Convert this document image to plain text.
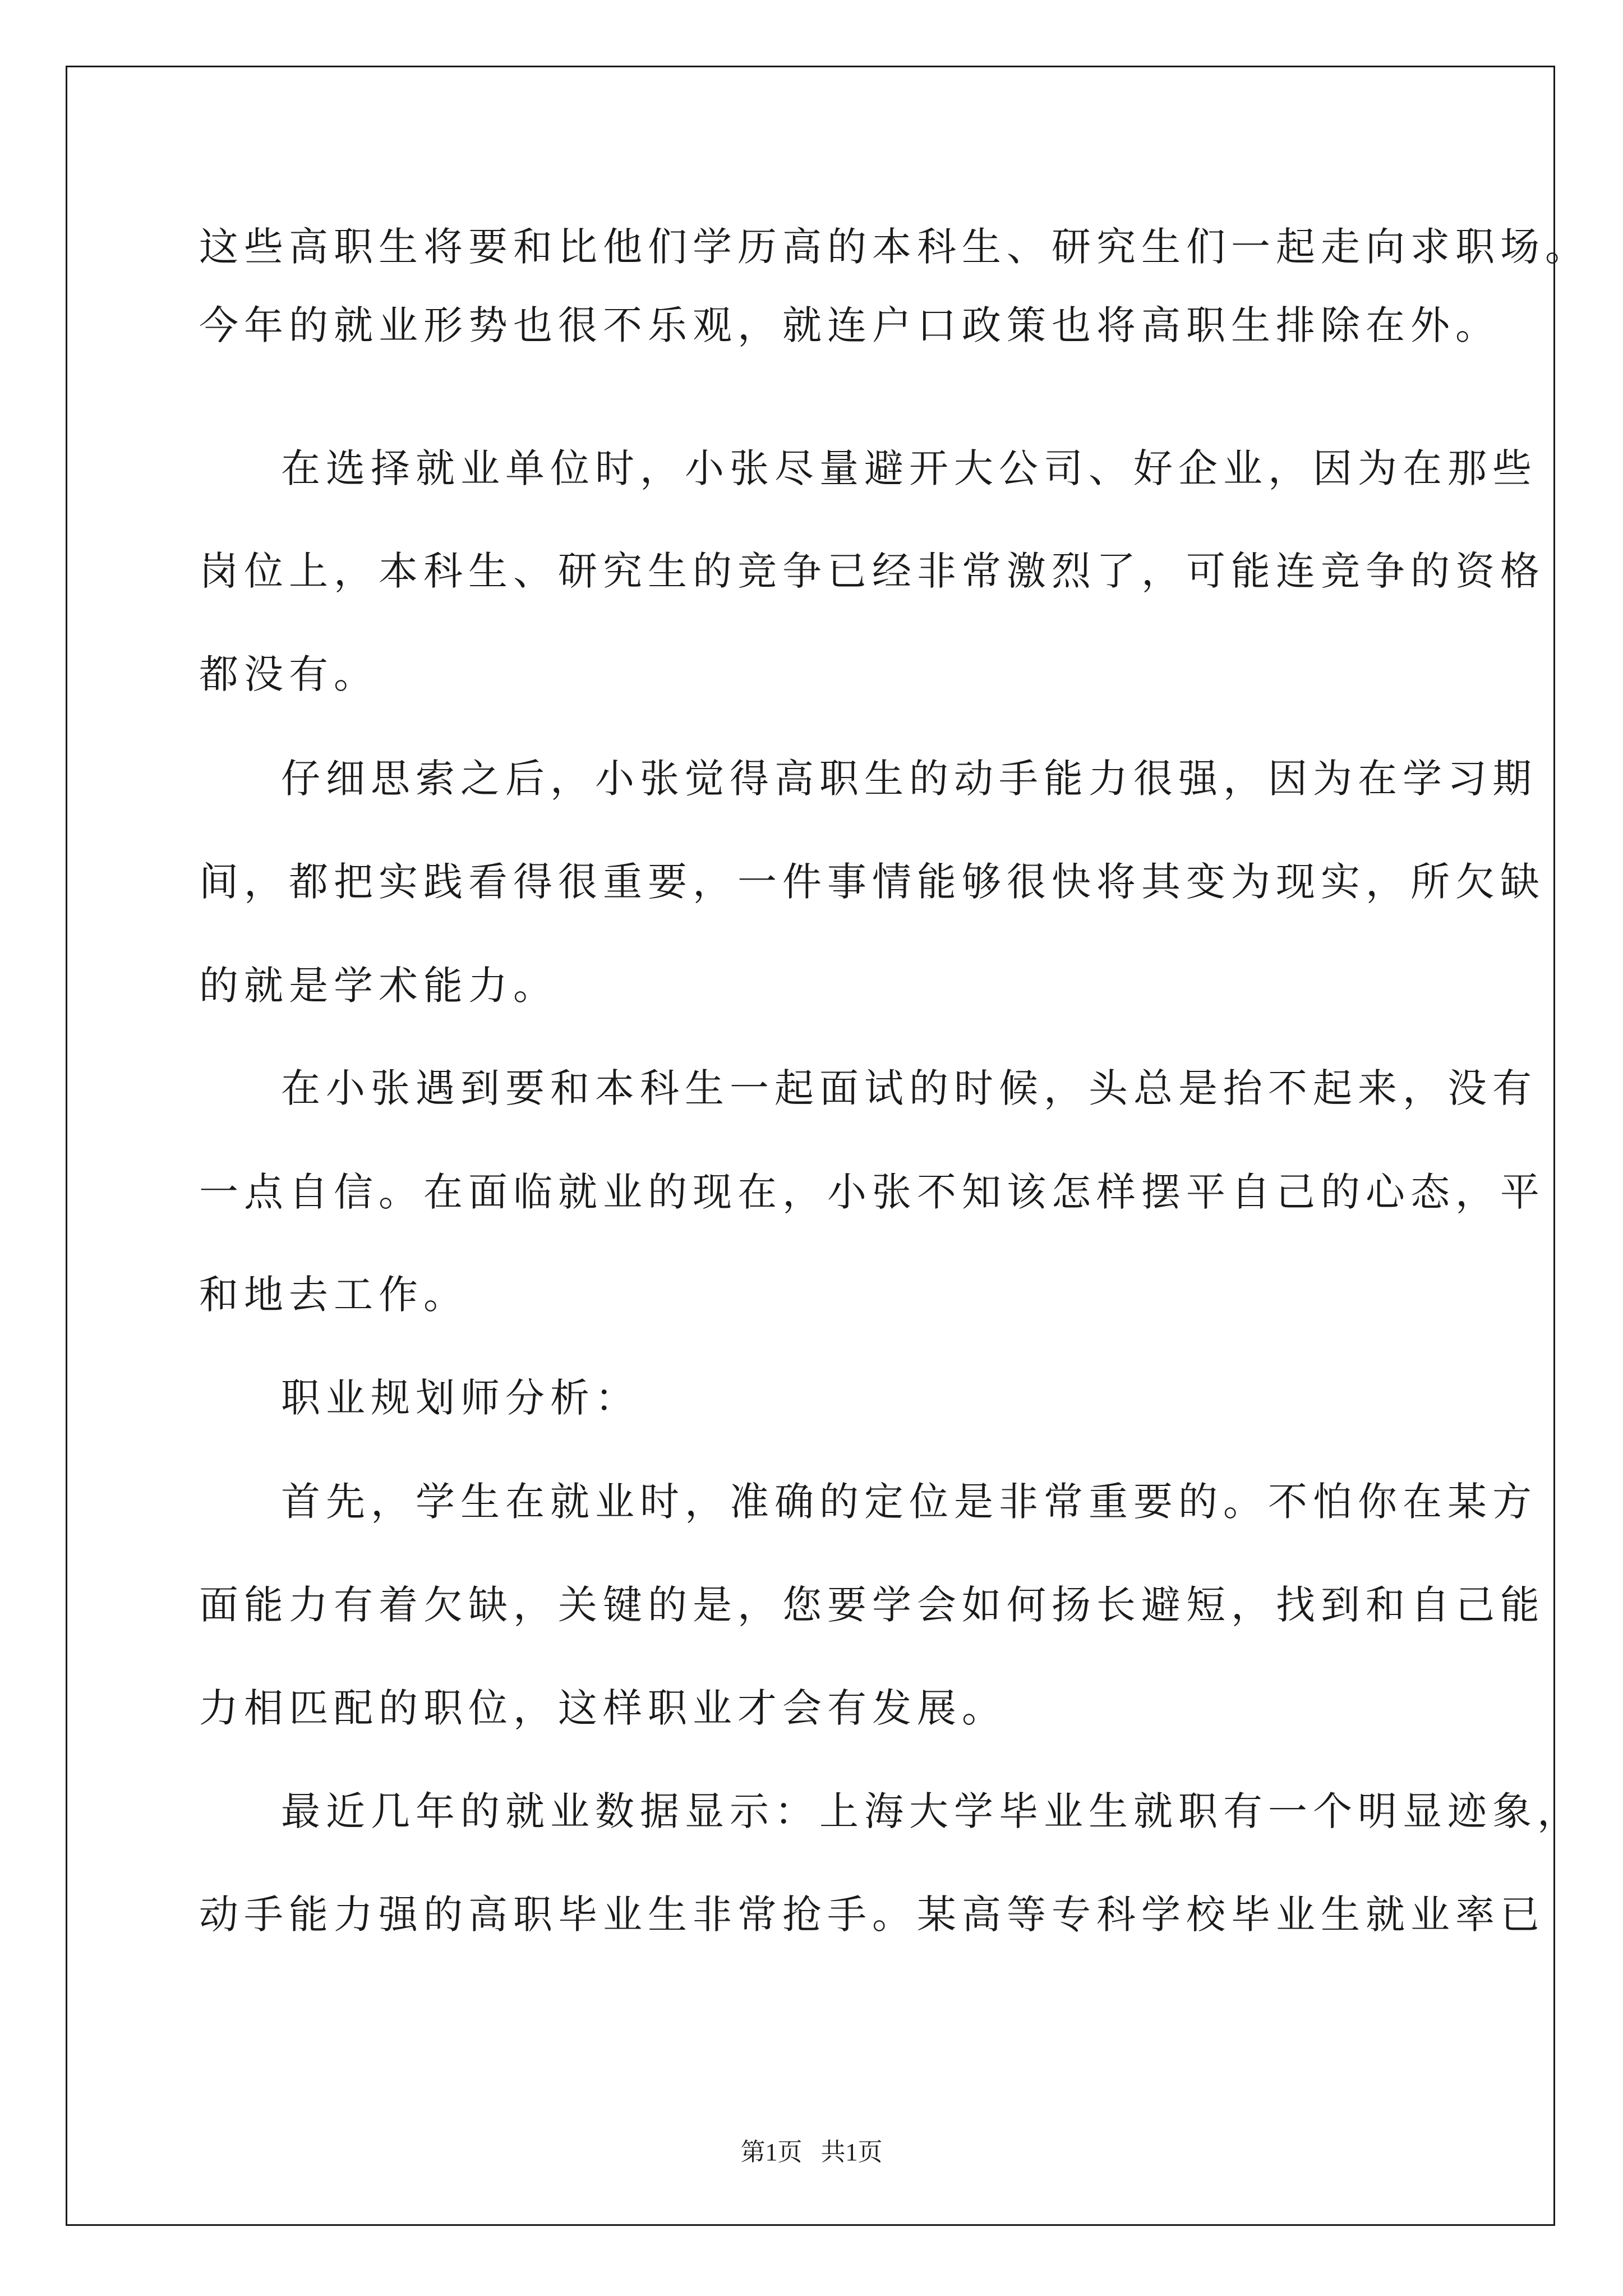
这些高职生将要和比他们学历高的本科生、研究生们一起走向求职场。

今年的就业形势也很不乐观，就连户口政策也将高职生排除在外。

在选择就业单位时，小张尽量避开大公司、好企业，因为在那些

岗位上，本科生、研究生的竞争已经非常激烈了，可能连竞争的资格

都没有。

仔细思索之后，小张觉得高职生的动手能力很强，因为在学习期

间，都把实践看得很重要，一件事情能够很快将其变为现实，所欠缺

的就是学术能力。

在小张遇到要和本科生一起面试的时候，头总是抬不起来，没有

一点自信。在面临就业的现在，小张不知该怎样摆平自己的心态，平

和地去工作。

职业规划师分析：

首先，学生在就业时，准确的定位是非常重要的。不怕你在某方

面能力有着欠缺，关键的是，您要学会如何扬长避短，找到和自己能

力相匹配的职位，这样职业才会有发展。

最近几年的就业数据显示：上海大学毕业生就职有一个明显迹象，

动手能力强的高职毕业生非常抢手。某高等专科学校毕业生就业率已

第1页   共1页
